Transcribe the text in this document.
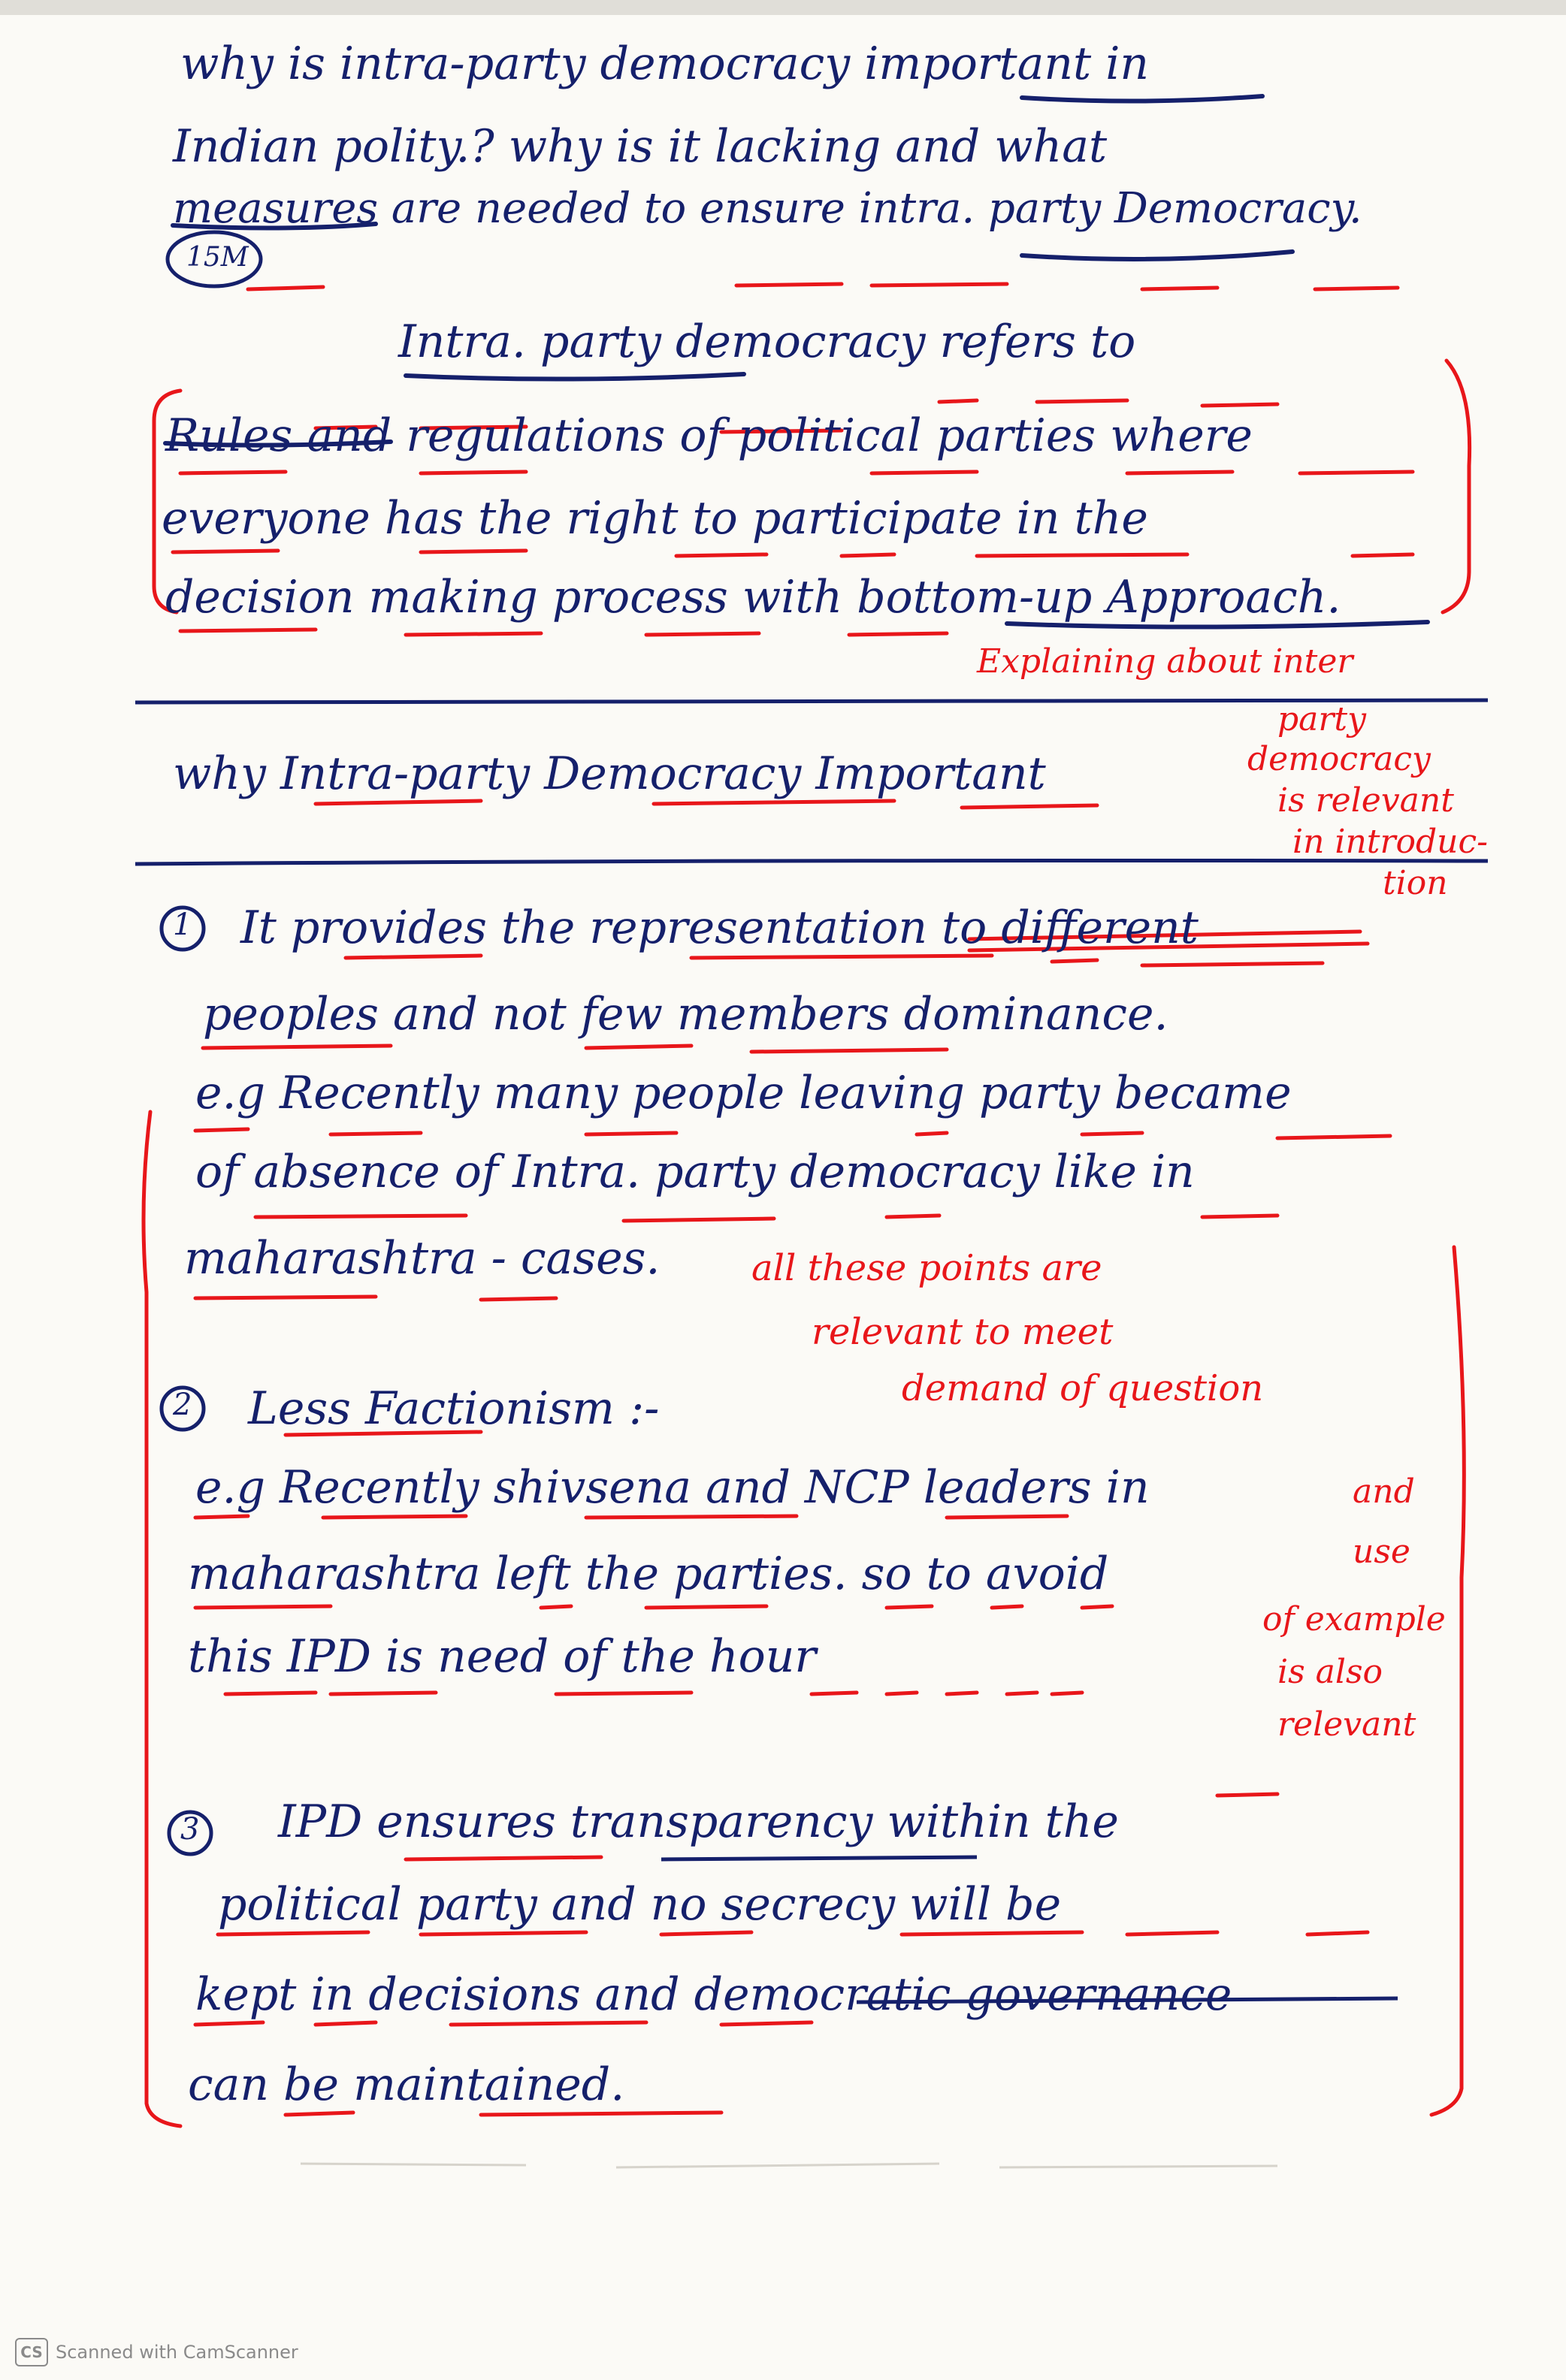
why is intra-party democracy important in
Indian polity.? why is it lacking and what
measures are needed to ensure intra. party Democracy.
15M
Intra. party democracy refers to
Rules and regulations of political parties where
everyone has the right to participate in the
decision making process with bottom-up Approach.
Explaining about inter
party
democracy
is relevant
in introduc-
tion
why Intra-party Democracy Important
1 It provides the representation to different
peoples and not few members dominance.
e.g Recently many people leaving party became
of absence of Intra. party democracy like in
maharashtra - cases.	all these points are
relevant to meet
demand of question
2 Less Factionism :-
e.g Recently shivsena and NCP leaders in
maharashtra left the parties. so to avoid
this IPD is need of the hour
and
use
of example
is also
relevant
3 IPD ensures transparency within the
political party and no secrecy will be
kept in decisions and democratic governance
can be maintained.
CS Scanned with CamScanner
